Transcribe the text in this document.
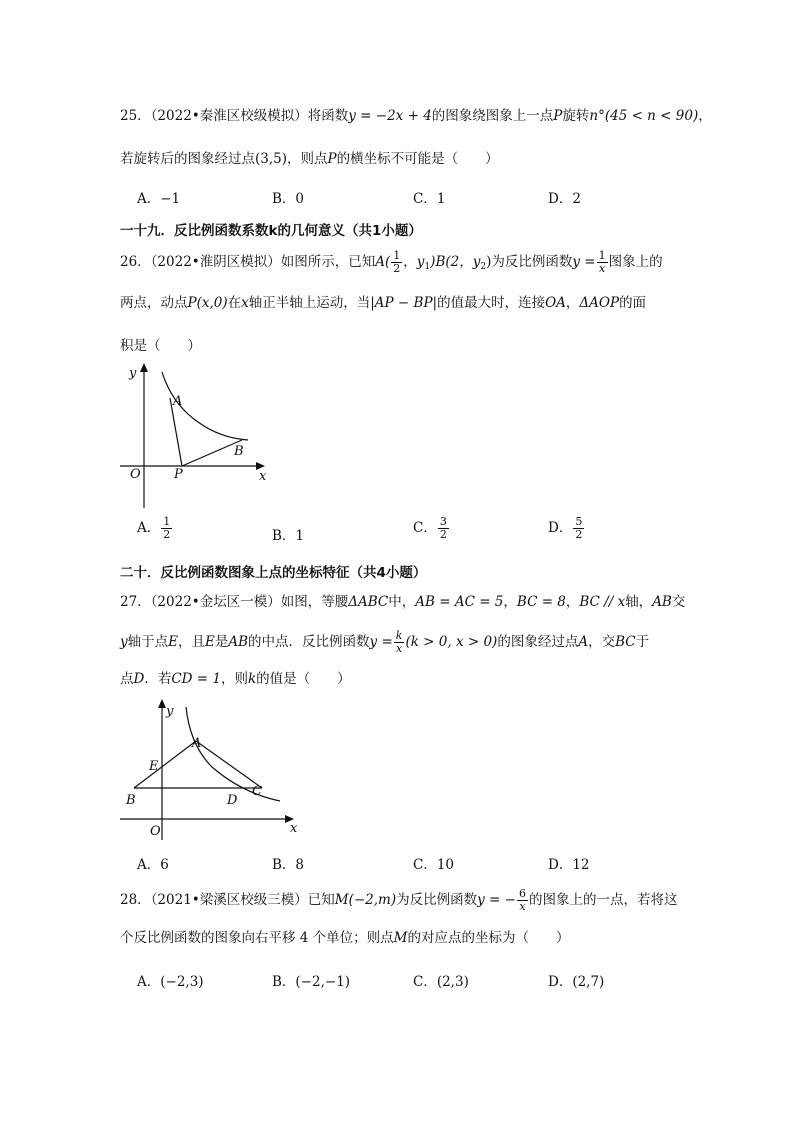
25．（2022•秦淮区校级模拟）将函数y = −2x + 4的图象绕图象上一点P旋转n°(45 < n < 90)，
若旋转后的图象经过点(3,5)，则点P的横坐标不可能是（　　）
A．−1	B．0	C．1	D．2
一十九．反比例函数系数k的几何意义（共1小题）
26．（2022•淮阴区模拟）如图所示，已知$A( \frac{1}{2}$ ，$y_1)B(2$，$y_2$)为反比例函数$y = \frac{1}{x}$ 图象上的
两点，动点P(x,0)在x轴正半轴上运动，当|AP − BP|的值最大时，连接OA，ΔAOP的面
积是（　　）
y
x
O	P
A
B
A． $\frac{1}{2}$	B．1	C． $\frac{3}{2}$	D． $\frac{5}{2}$
二十．反比例函数图象上点的坐标特征（共4小题）
27．（2022•金坛区一模）如图，等腰ΔABC中，AB = AC = 5，BC = 8，BC // x轴，AB交
y轴于点E，且E是AB的中点．反比例函数$y = \frac{k}{x} (k > 0$, x > 0)的图象经过点A，交BC于
点D．若CD = 1，则k的值是（　　）
y
x
O
A
B
C
D
E
A．6	B．8	C．10	D．12
28．（2021•梁溪区校级三模）已知M(−2,m)为反比例函数y = − $\frac{6}{x}$ 的图象上的一点，若将这
个反比例函数的图象向右平移 4 个单位；则点M的对应点的坐标为（　　）
A．(−2,3)	B．(−2,−1)	C．(2,3)	D．(2,7)
